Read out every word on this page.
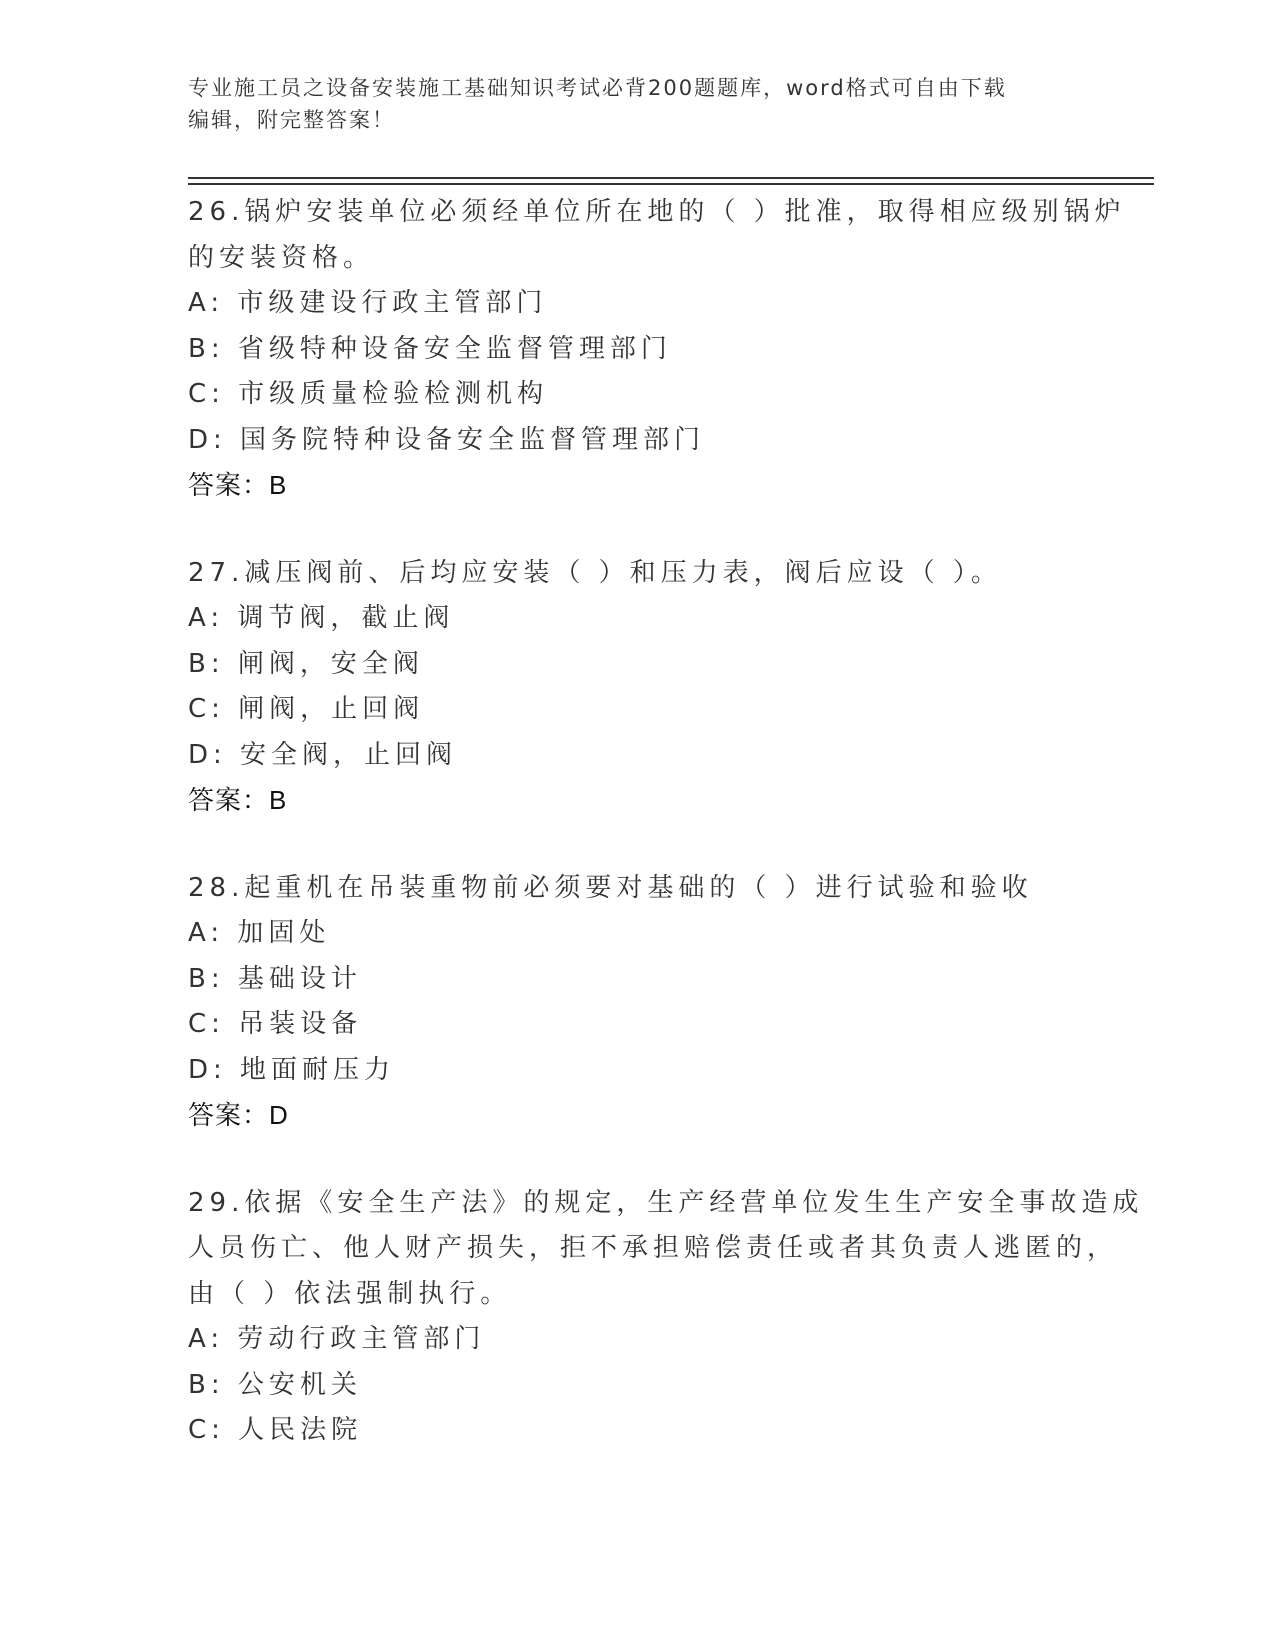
专业施工员之设备安装施工基础知识考试必背200题题库，word格式可自由下载
编辑，附完整答案！
26.锅炉安装单位必须经单位所在地的（ ）批准，取得相应级别锅炉
的安装资格。
A: 市级建设行政主管部门
B: 省级特种设备安全监督管理部门
C: 市级质量检验检测机构
D: 国务院特种设备安全监督管理部门
答案：B
27.减压阀前、后均应安装（ ）和压力表，阀后应设（ ）。
A: 调节阀，截止阀
B: 闸阀，安全阀
C: 闸阀，止回阀
D: 安全阀，止回阀
答案：B
28.起重机在吊装重物前必须要对基础的（ ）进行试验和验收
A: 加固处
B: 基础设计
C: 吊装设备
D: 地面耐压力
答案：D
29.依据《安全生产法》的规定，生产经营单位发生生产安全事故造成
人员伤亡、他人财产损失，拒不承担赔偿责任或者其负责人逃匿的，
由（ ）依法强制执行。
A: 劳动行政主管部门
B: 公安机关
C: 人民法院
